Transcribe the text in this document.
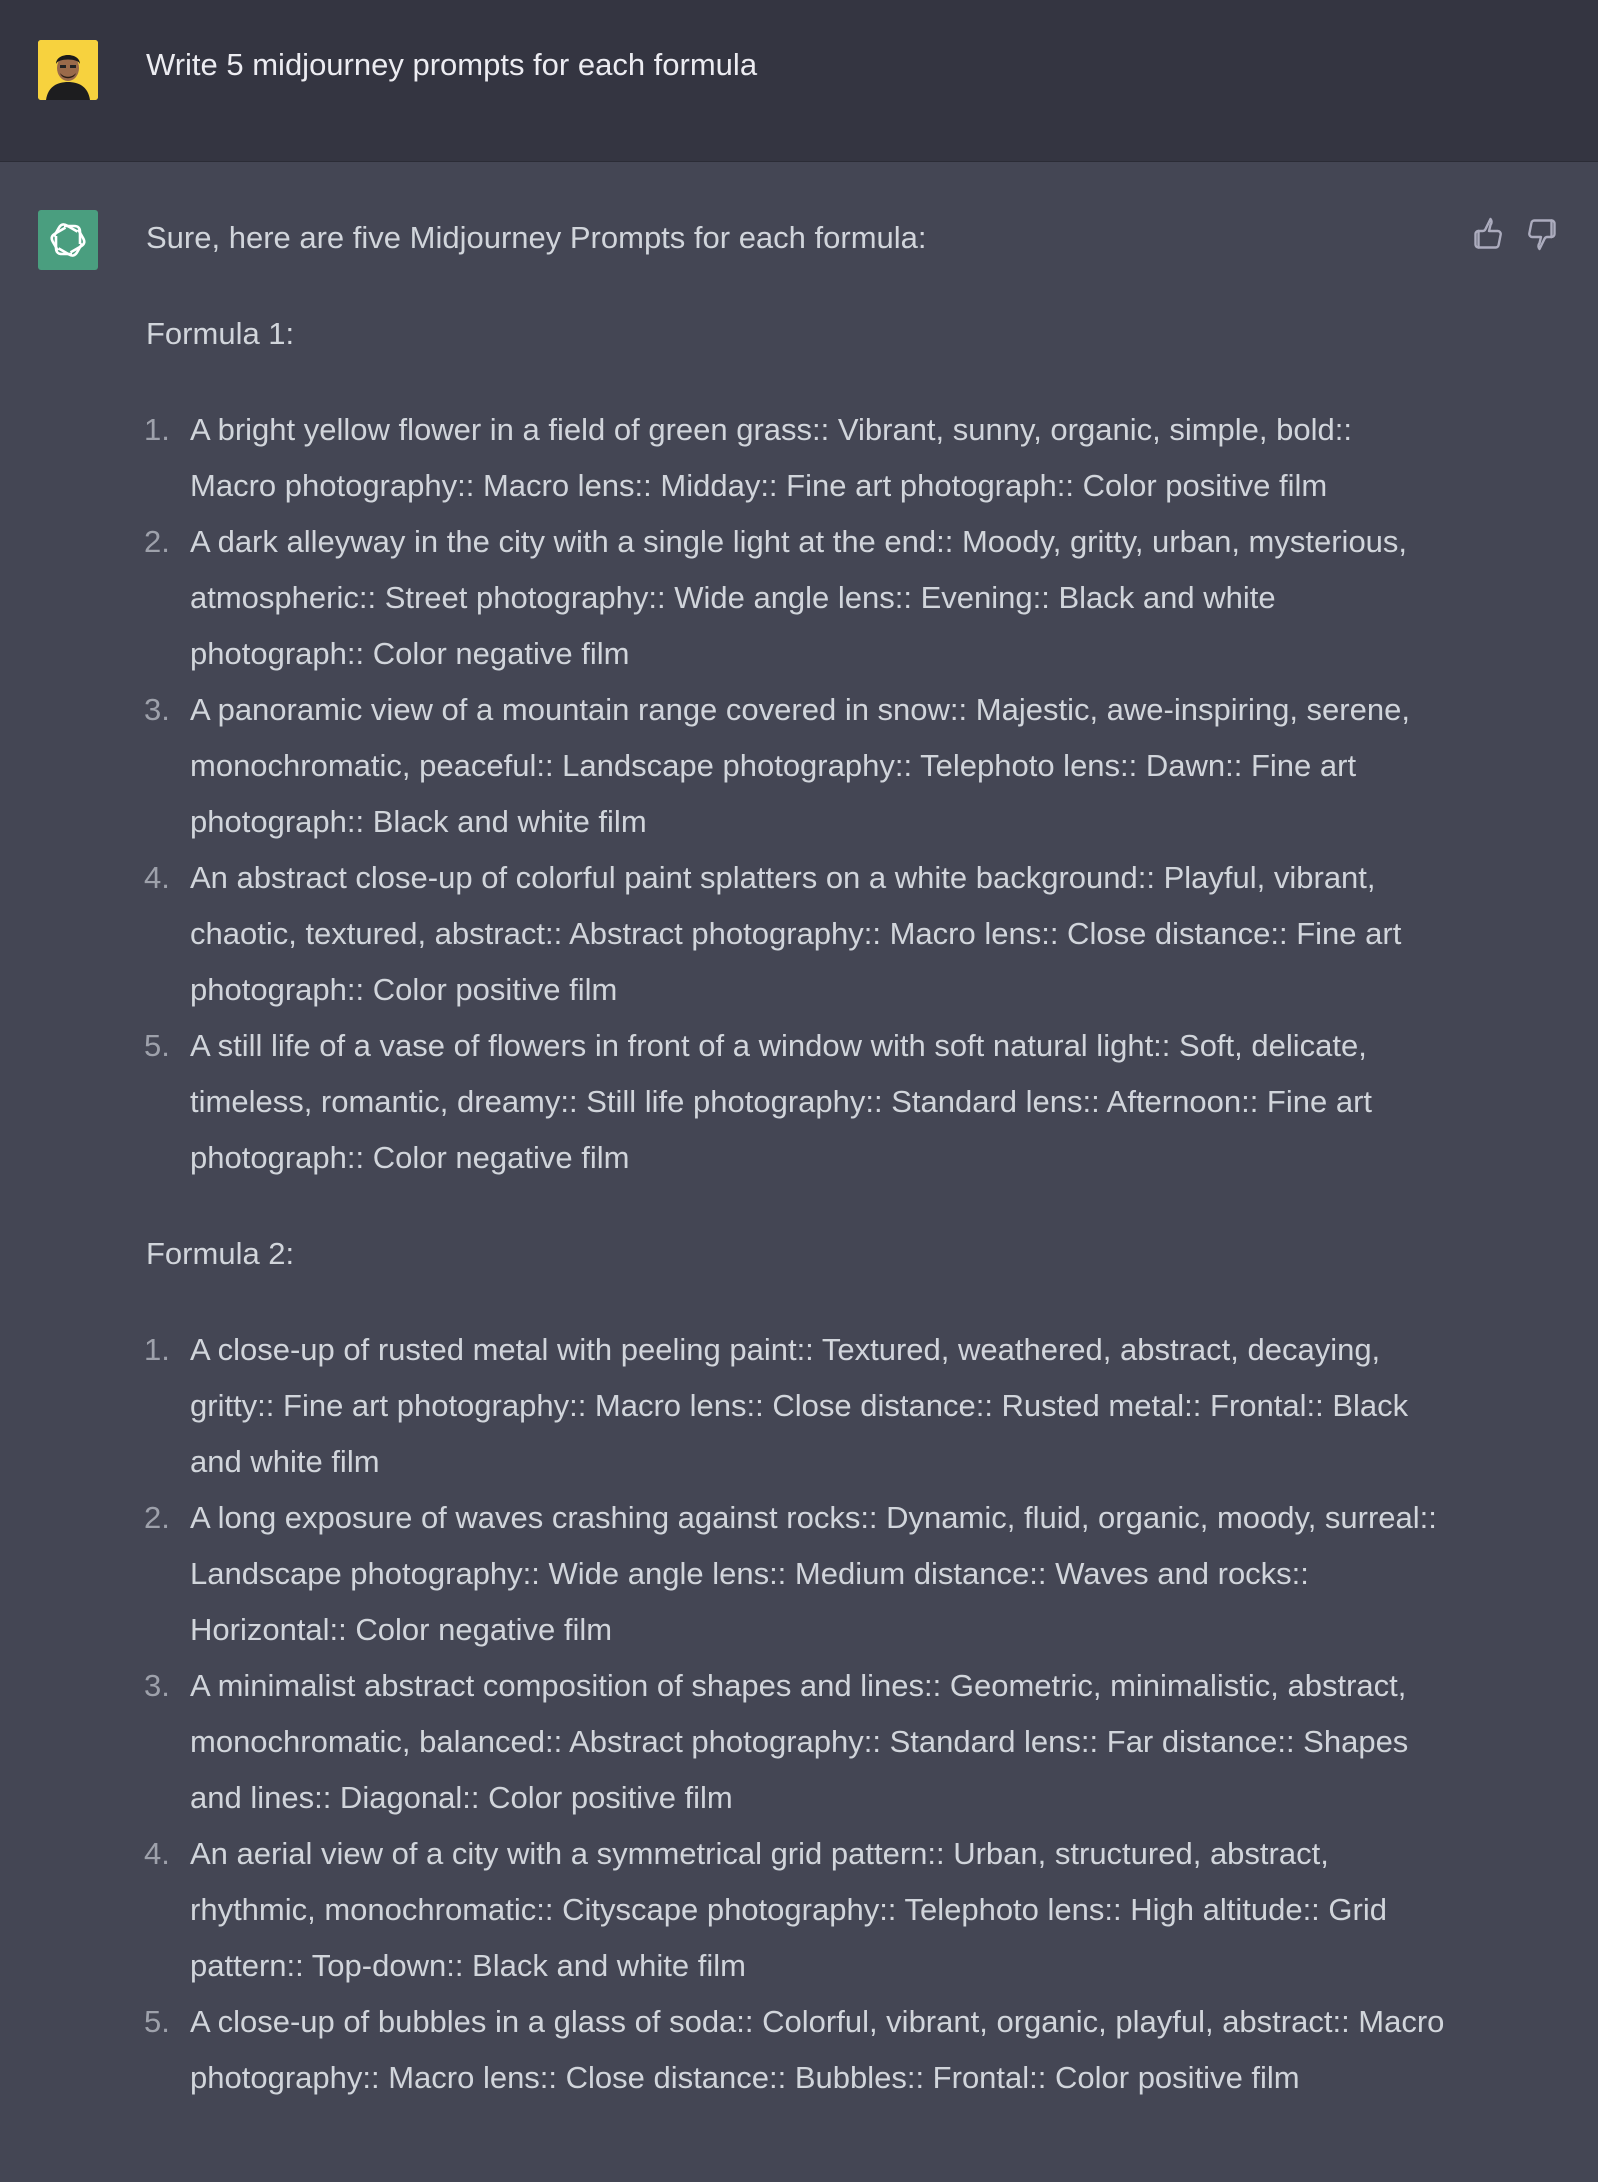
Write 5 midjourney prompts for each formula

Sure, here are five Midjourney Prompts for each formula:

Formula 1:

1. A bright yellow flower in a field of green grass:: Vibrant, sunny, organic, simple, bold:: Macro photography:: Macro lens:: Midday:: Fine art photograph:: Color positive film
2. A dark alleyway in the city with a single light at the end:: Moody, gritty, urban, mysterious, atmospheric:: Street photography:: Wide angle lens:: Evening:: Black and white photograph:: Color negative film
3. A panoramic view of a mountain range covered in snow:: Majestic, awe-inspiring, serene, monochromatic, peaceful:: Landscape photography:: Telephoto lens:: Dawn:: Fine art photograph:: Black and white film
4. An abstract close-up of colorful paint splatters on a white background:: Playful, vibrant, chaotic, textured, abstract:: Abstract photography:: Macro lens:: Close distance:: Fine art photograph:: Color positive film
5. A still life of a vase of flowers in front of a window with soft natural light:: Soft, delicate, timeless, romantic, dreamy:: Still life photography:: Standard lens:: Afternoon:: Fine art photograph:: Color negative film

Formula 2:

1. A close-up of rusted metal with peeling paint:: Textured, weathered, abstract, decaying, gritty:: Fine art photography:: Macro lens:: Close distance:: Rusted metal:: Frontal:: Black and white film
2. A long exposure of waves crashing against rocks:: Dynamic, fluid, organic, moody, surreal:: Landscape photography:: Wide angle lens:: Medium distance:: Waves and rocks:: Horizontal:: Color negative film
3. A minimalist abstract composition of shapes and lines:: Geometric, minimalistic, abstract, monochromatic, balanced:: Abstract photography:: Standard lens:: Far distance:: Shapes and lines:: Diagonal:: Color positive film
4. An aerial view of a city with a symmetrical grid pattern:: Urban, structured, abstract, rhythmic, monochromatic:: Cityscape photography:: Telephoto lens:: High altitude:: Grid pattern:: Top-down:: Black and white film
5. A close-up of bubbles in a glass of soda:: Colorful, vibrant, organic, playful, abstract:: Macro photography:: Macro lens:: Close distance:: Bubbles:: Frontal:: Color positive film
